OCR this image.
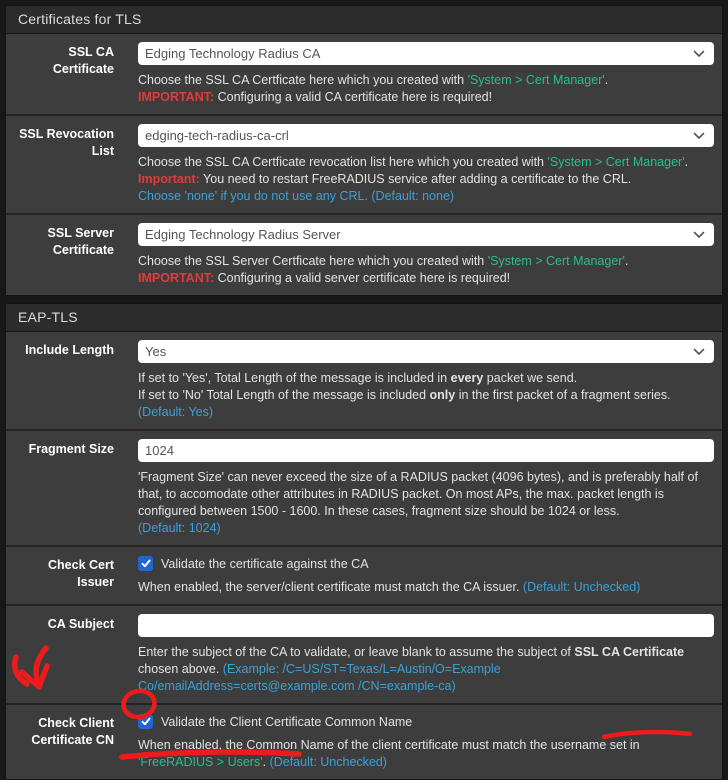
Certificates for TLS
SSL CA Certificate
Edging Technology Radius CA
Choose the SSL CA Certficate here which you created with 'System > Cert Manager'.
IMPORTANT: Configuring a valid CA certificate here is required!
SSL Revocation List
edging-tech-radius-ca-crl
Choose the SSL CA Certficate revocation list here which you created with 'System > Cert Manager'.
Important: You need to restart FreeRADIUS service after adding a certificate to the CRL.
Choose 'none' if you do not use any CRL. (Default: none)
SSL Server Certificate
Edging Technology Radius Server
Choose the SSL Server Certficate here which you created with 'System > Cert Manager'.
IMPORTANT: Configuring a valid server certificate here is required!
EAP-TLS
Include Length
Yes
If set to 'Yes', Total Length of the message is included in every packet we send.
If set to 'No' Total Length of the message is included only in the first packet of a fragment series. (Default: Yes)
Fragment Size
1024
'Fragment Size' can never exceed the size of a RADIUS packet (4096 bytes), and is preferably half of that, to accomodate other attributes in RADIUS packet. On most APs, the max. packet length is configured between 1500 - 1600. In these cases, fragment size should be 1024 or less.
(Default: 1024)
Check Cert Issuer
Validate the certificate against the CA
When enabled, the server/client certificate must match the CA issuer. (Default: Unchecked)
CA Subject
Enter the subject of the CA to validate, or leave blank to assume the subject of SSL CA Certificate chosen above. (Example: /C=US/ST=Texas/L=Austin/O=Example Co/emailAddress=certs@example.com /CN=example-ca)
Check Client Certificate CN
Validate the Client Certificate Common Name
When enabled, the Common Name of the client certificate must match the username set in 'FreeRADIUS > Users'. (Default: Unchecked)
